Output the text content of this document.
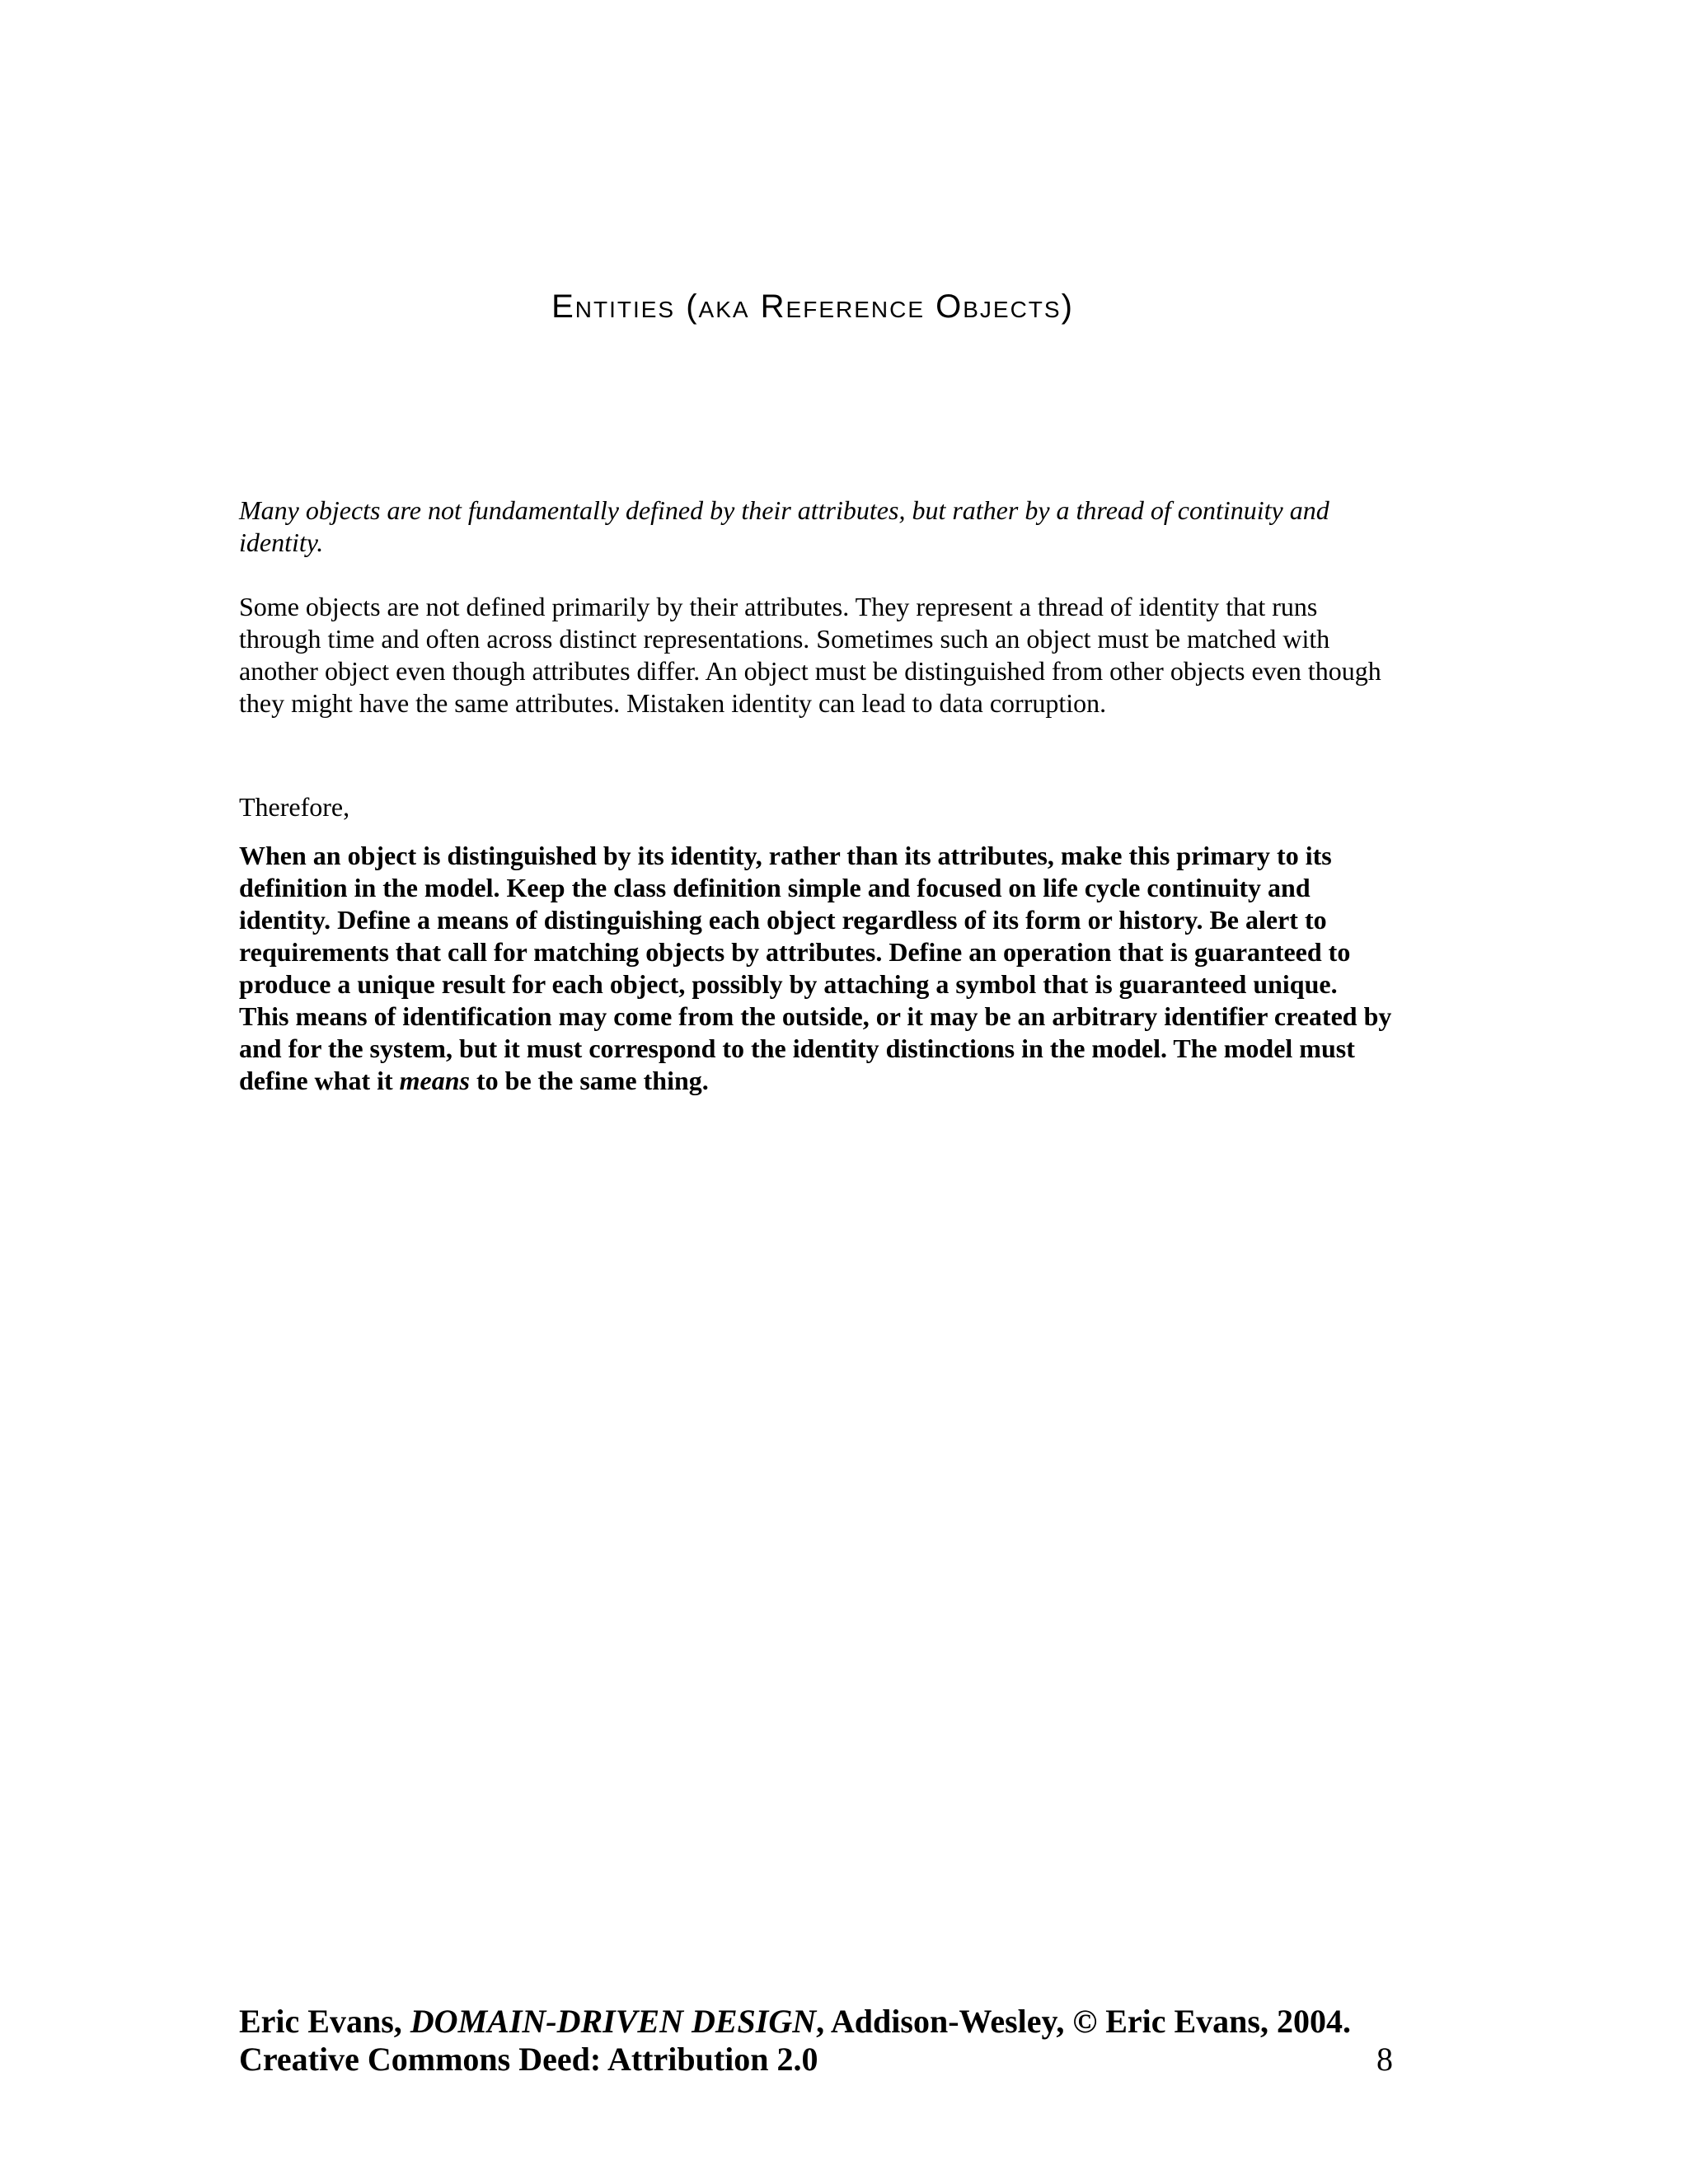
Entities (aka Reference Objects)
Many objects are not fundamentally defined by their attributes, but rather by a thread of continuity and identity.
Some objects are not defined primarily by their attributes. They represent a thread of identity that runs through time and often across distinct representations. Sometimes such an object must be matched with another object even though attributes differ. An object must be distinguished from other objects even though they might have the same attributes. Mistaken identity can lead to data corruption.
Therefore,
When an object is distinguished by its identity, rather than its attributes, make this primary to its definition in the model. Keep the class definition simple and focused on life cycle continuity and identity. Define a means of distinguishing each object regardless of its form or history. Be alert to requirements that call for matching objects by attributes. Define an operation that is guaranteed to produce a unique result for each object, possibly by attaching a symbol that is guaranteed unique. This means of identification may come from the outside, or it may be an arbitrary identifier created by and for the system, but it must correspond to the identity distinctions in the model. The model must define what it means to be the same thing.
Eric Evans, DOMAIN-DRIVEN DESIGN, Addison-Wesley, © Eric Evans, 2004.
Creative Commons Deed: Attribution 2.0	8
